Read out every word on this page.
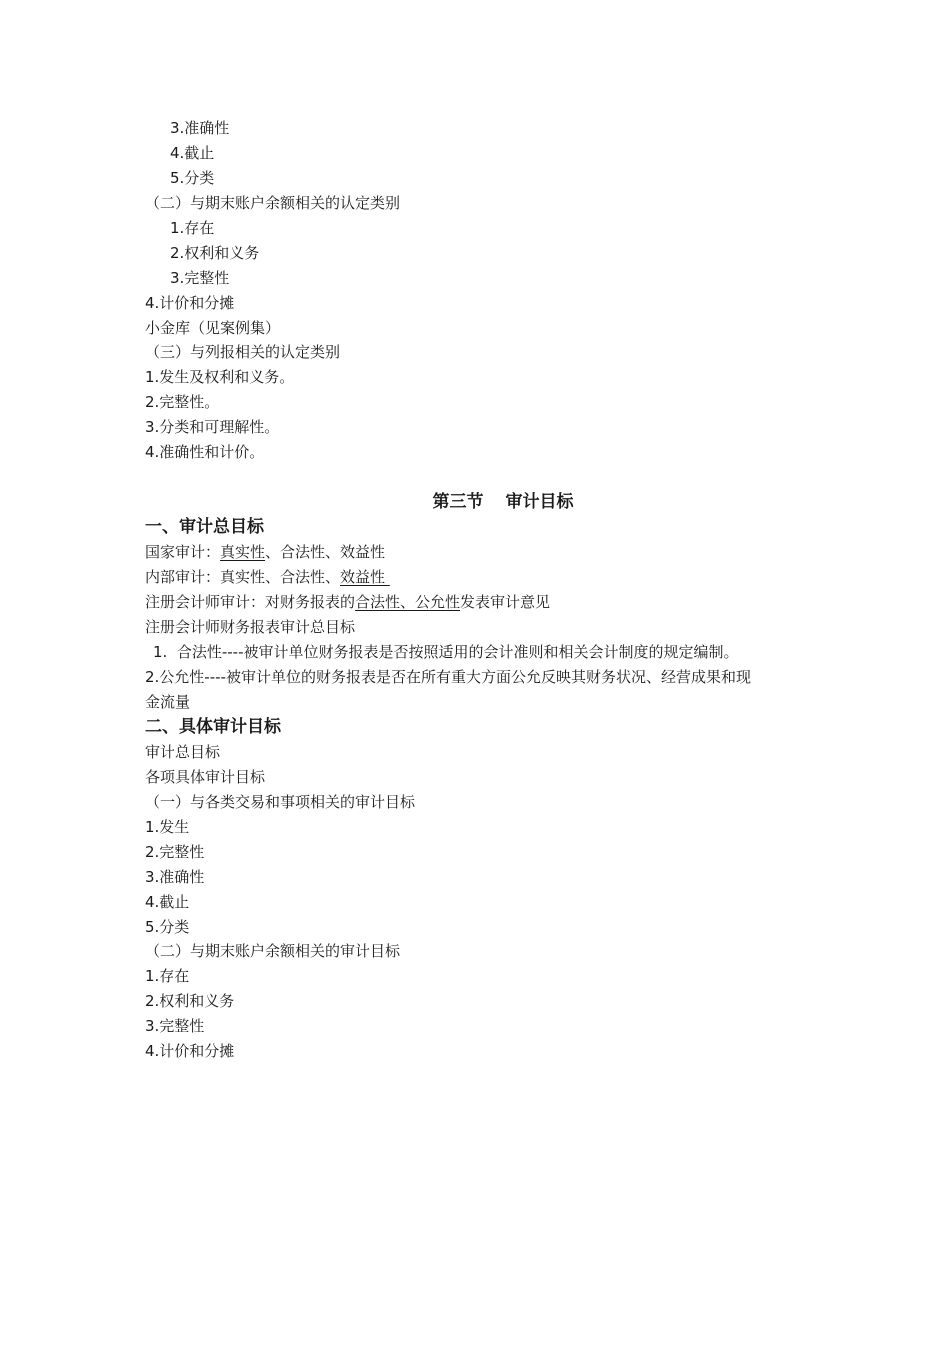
3.准确性
4.截止
5.分类
（二）与期末账户余额相关的认定类别
1.存在
2.权利和义务
3.完整性
4.计价和分摊
小金库（见案例集）
（三）与列报相关的认定类别
1.发生及权利和义务。
2.完整性。
3.分类和可理解性。
4.准确性和计价。
第三节 审计目标
一、审计总目标
国家审计：真实性、合法性、效益性
内部审计：真实性、合法性、效益性
注册会计师审计：对财务报表的合法性、公允性发表审计意见
注册会计师财务报表审计总目标
1.  合法性----被审计单位财务报表是否按照适用的会计准则和相关会计制度的规定编制。
2.公允性----被审计单位的财务报表是否在所有重大方面公允反映其财务状况、经营成果和现
金流量
二、具体审计目标
审计总目标
各项具体审计目标
（一）与各类交易和事项相关的审计目标
1.发生
2.完整性
3.准确性
4.截止
5.分类
（二）与期末账户余额相关的审计目标
1.存在
2.权利和义务
3.完整性
4.计价和分摊
